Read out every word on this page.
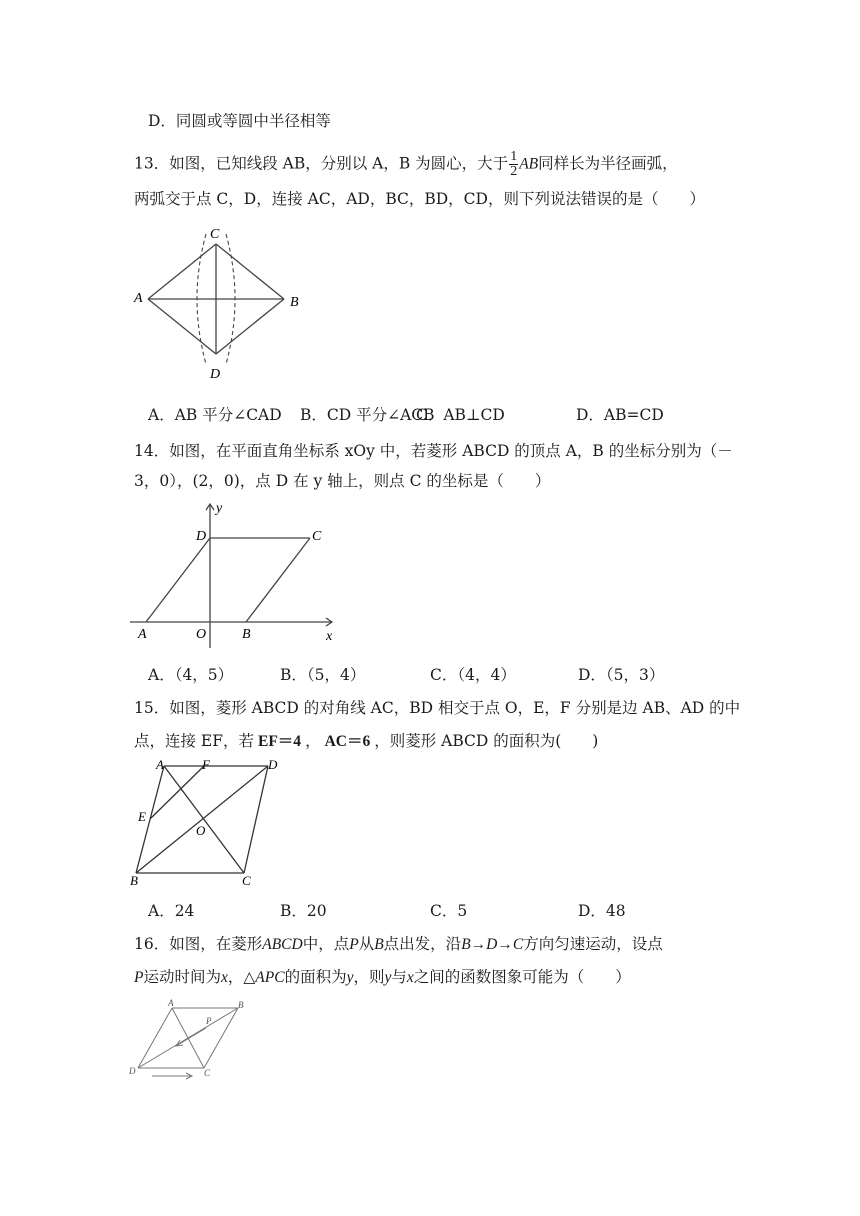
D．同圆或等圆中半径相等
13．如图，已知线段 AB，分别以 A，B 为圆心，大于 $\frac{1}{2}$ AB同样长为半径画弧，
两弧交于点 C，D，连接 AC，AD，BC，BD，CD，则下列说法错误的是（　　）
A	B
C
D
A．AB 平分∠CAD B．CD 平分∠ACB
C．AB⊥CD	D．AB=CD
14．如图，在平面直角坐标系 xOy 中，若菱形 ABCD 的顶点 A，B 的坐标分别为（－
3，0），(2，0)，点 D 在 y 轴上，则点 C 的坐标是（　　）
y
D	C
A	O	B	x
A．（4，5）	B．（5，4）	C．（4，4）	D．（5，3）
15．如图，菱形 ABCD 的对角线 AC，BD 相交于点 O，E，F 分别是边 AB、AD 的中
点，连接 EF，若 EF＝4 ， AC＝6 ，则菱形 ABCD 的面积为(　　)
A	F	D
E
O
B	C
A．24	B．20	C．5	D．48
16．如图，在菱形ABCD中，点P从B点出发，沿B→D→C方向匀速运动，设点
P运动时间为x，△APC的面积为y，则y与x之间的函数图象可能为（　　）
A	B
P
D	C
